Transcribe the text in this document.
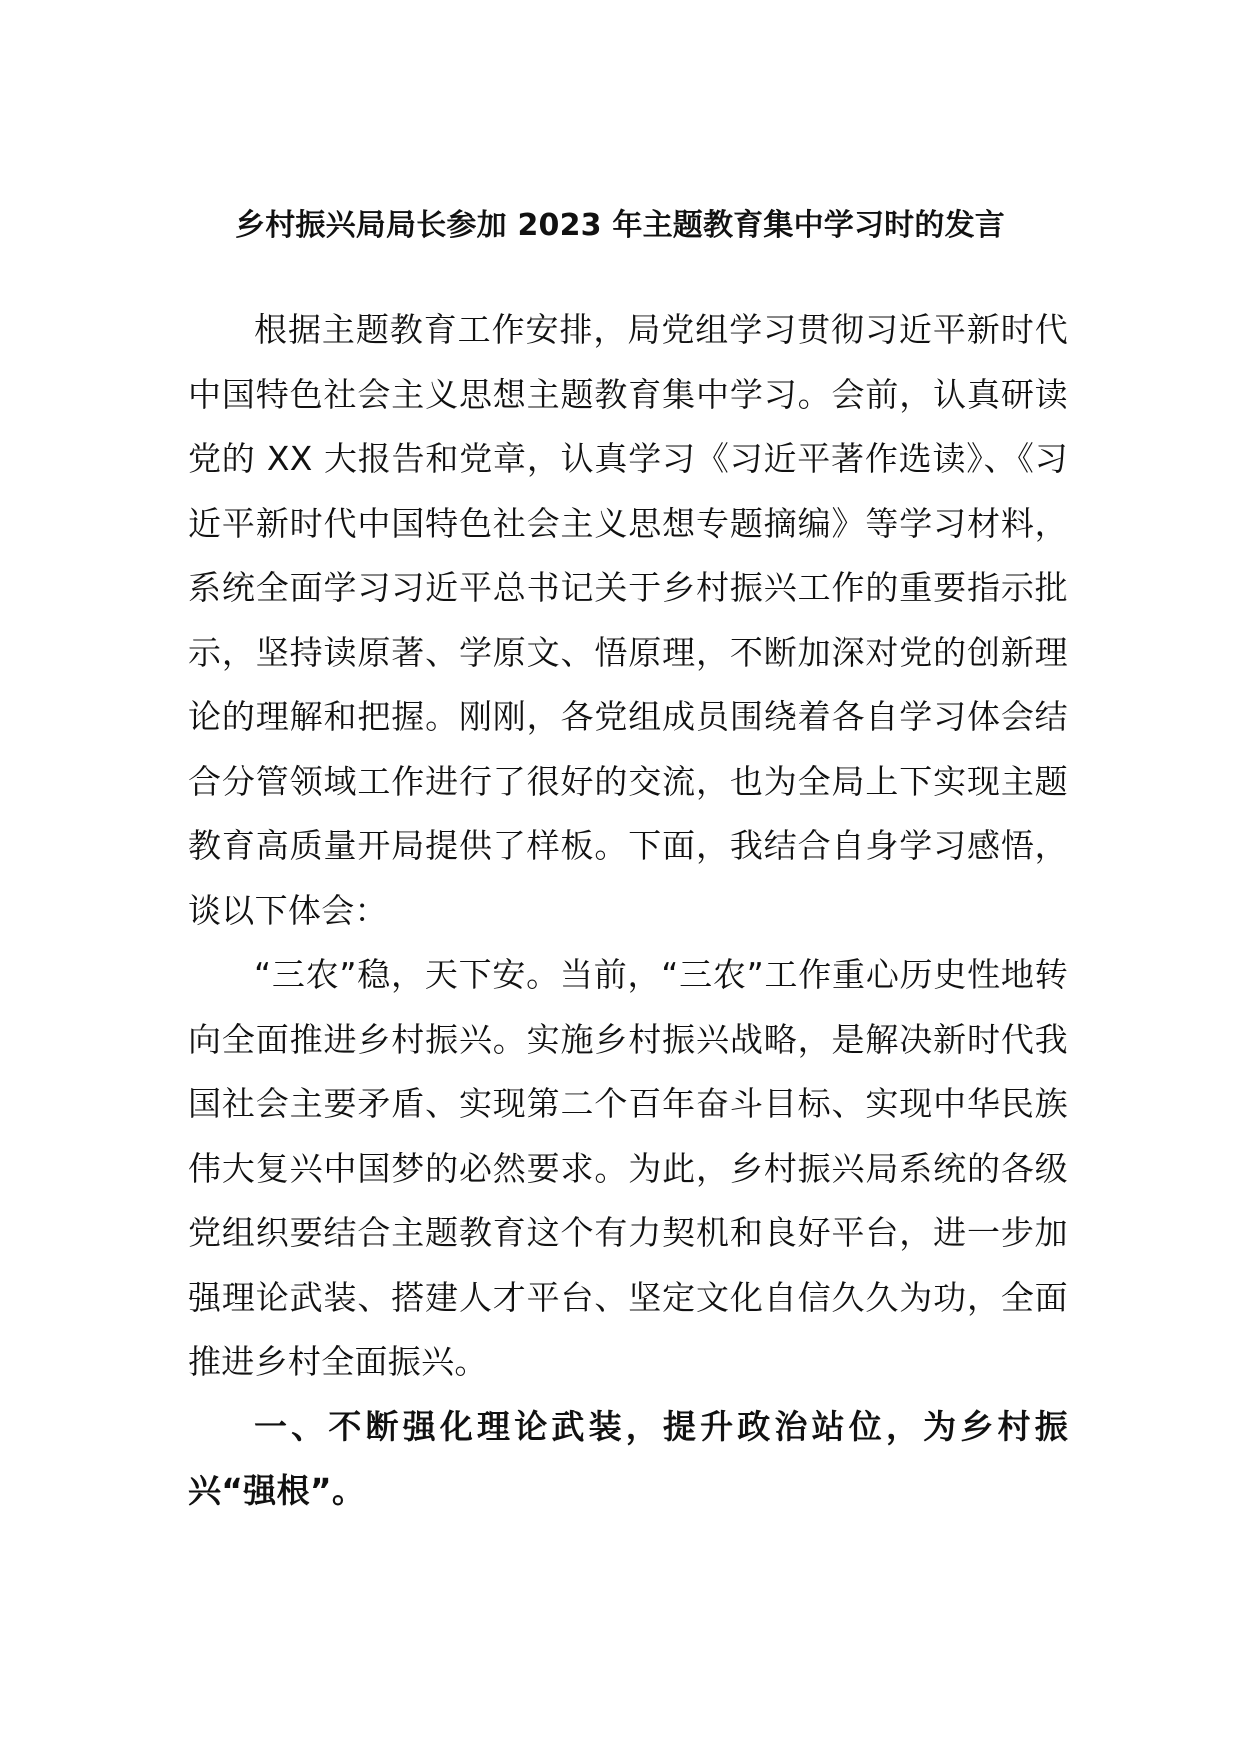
乡村振兴局局长参加 2023 年主题教育集中学习时的发言

根据主题教育工作安排，局党组学习贯彻习近平新时代中国特色社会主义思想主题教育集中学习。会前，认真研读党的 XX 大报告和党章，认真学习《习近平著作选读》、《习近平新时代中国特色社会主义思想专题摘编》等学习材料，系统全面学习习近平总书记关于乡村振兴工作的重要指示批示，坚持读原著、学原文、悟原理，不断加深对党的创新理论的理解和把握。刚刚，各党组成员围绕着各自学习体会结合分管领域工作进行了很好的交流，也为全局上下实现主题教育高质量开局提供了样板。下面，我结合自身学习感悟，谈以下体会：

“三农”稳，天下安。当前，“三农”工作重心历史性地转向全面推进乡村振兴。实施乡村振兴战略，是解决新时代我国社会主要矛盾、实现第二个百年奋斗目标、实现中华民族伟大复兴中国梦的必然要求。为此，乡村振兴局系统的各级党组织要结合主题教育这个有力契机和良好平台，进一步加强理论武装、搭建人才平台、坚定文化自信久久为功，全面推进乡村全面振兴。

一、不断强化理论武装，提升政治站位，为乡村振兴“强根”。
